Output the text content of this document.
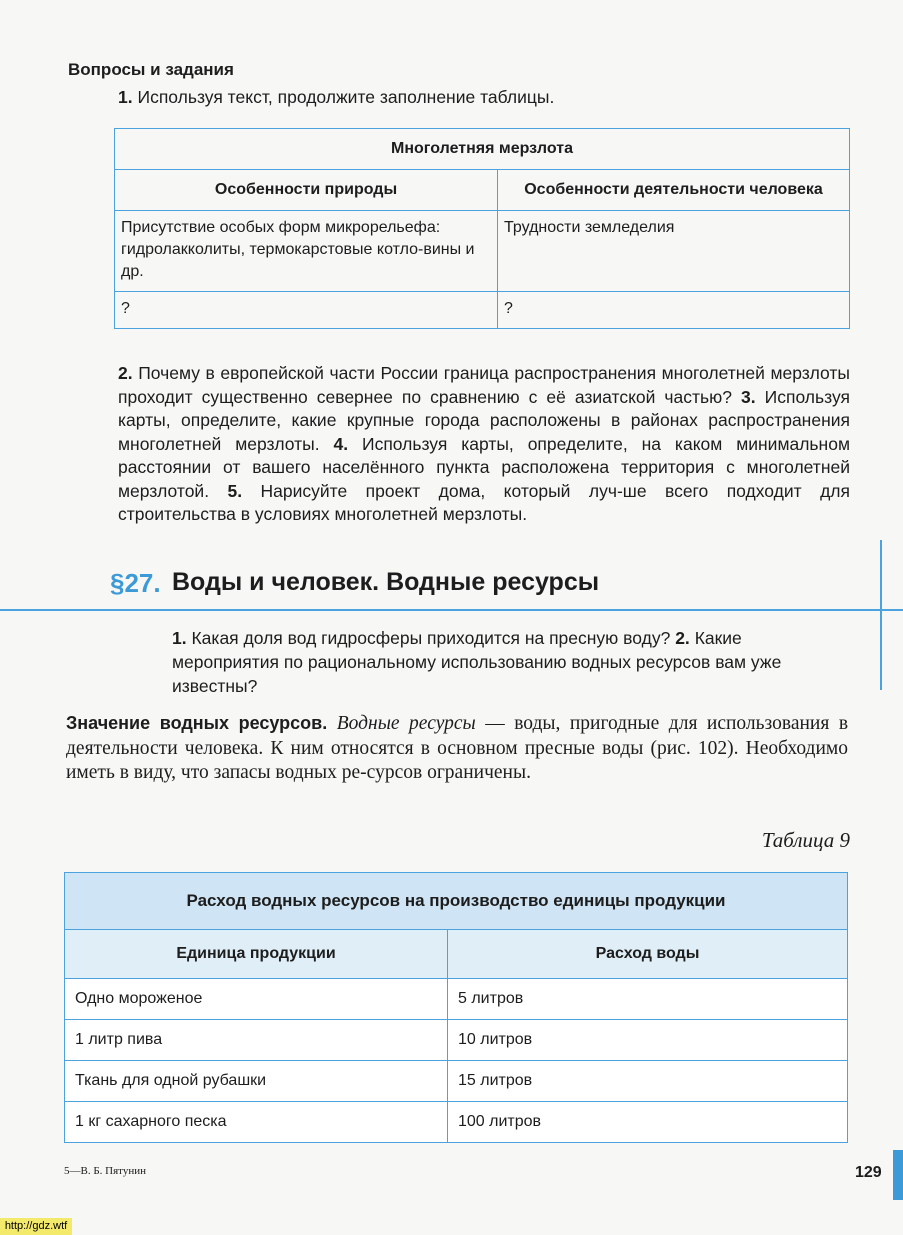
Вопросы и задания
1. Используя текст, продолжите заполнение таблицы.
Многолетняя мерзлота	
Особенности природы	Особенности деятельности человека
Присутствие особых форм микрорельефа: гидролакколиты, термокарстовые котло-вины и др.	Трудности земледелия
?	?
2. Почему в европейской части России граница распространения многолетней мерзлоты проходит существенно севернее по сравнению с её азиатской частью? 3. Используя карты, определите, какие крупные города расположены в районах распространения многолетней мерзлоты. 4. Используя карты, определите, на каком минимальном расстоянии от вашего населённого пункта расположена территория с многолетней мерзлотой. 5. Нарисуйте проект дома, который луч-ше всего подходит для строительства в условиях многолетней мерзлоты.
§27. Воды и человек. Водные ресурсы
1. Какая доля вод гидросферы приходится на пресную воду? 2. Какие мероприятия по рациональному использованию водных ресурсов вам уже известны?
Значение водных ресурсов. Водные ресурсы — воды, пригодные для использования в деятельности человека. К ним относятся в основном пресные воды (рис. 102). Необходимо иметь в виду, что запасы водных ре-сурсов ограничены.
Таблица 9
Расход водных ресурсов на производство единицы продукции	
Единица продукции	Расход воды
Одно мороженое	5 литров
1 литр пива	10 литров
Ткань для одной рубашки	15 литров
1 кг сахарного песка	100 литров
5—В. Б. Пятунин	129
http://gdz.wtf
